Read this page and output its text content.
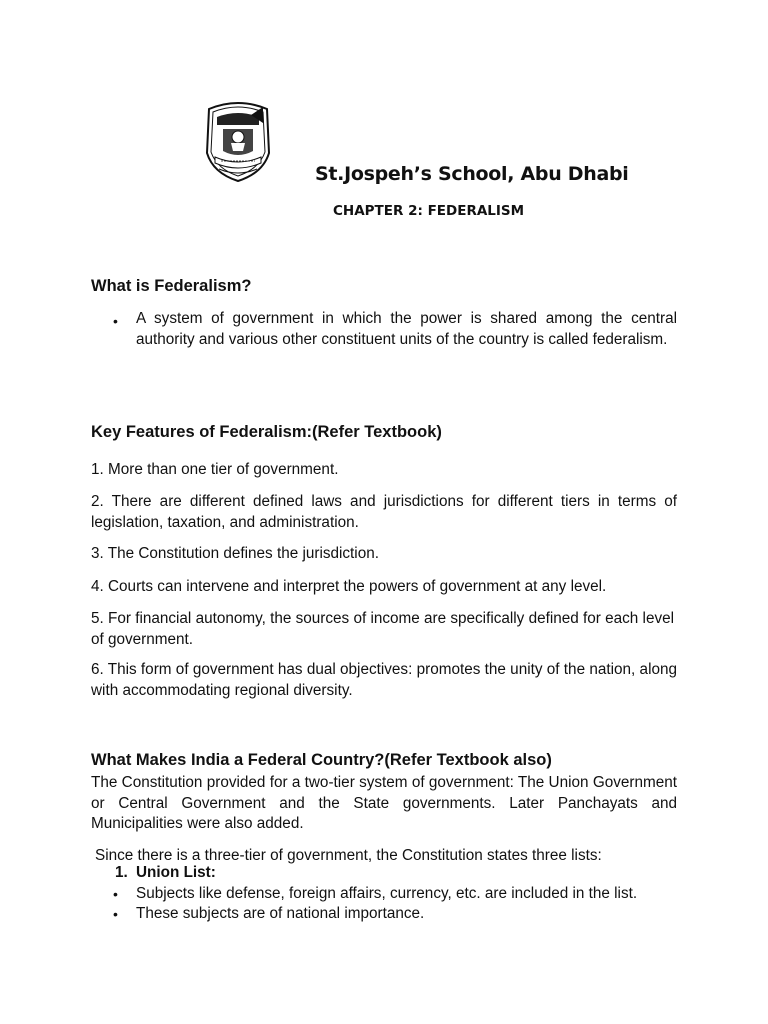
St.Jospeh’s School, Abu Dhabi
CHAPTER 2: FEDERALISM
What is Federalism?
• A system of government in which the power is shared among the central authority and various other constituent units of the country is called federalism.
Key Features of Federalism:(Refer Textbook)
1. More than one tier of government.
2. There are different defined laws and jurisdictions for different tiers in terms of legislation, taxation, and administration.
3. The Constitution defines the jurisdiction.
4. Courts can intervene and interpret the powers of government at any level.
5. For financial autonomy, the sources of income are specifically defined for each level of government.
6. This form of government has dual objectives: promotes the unity of the nation, along with accommodating regional diversity.
What Makes India a Federal Country?(Refer Textbook also)
The Constitution provided for a two-tier system of government: The Union Government or Central Government and the State governments. Later Panchayats and Municipalities were also added.
Since there is a three-tier of government, the Constitution states three lists:
1. Union List:
• Subjects like defense, foreign affairs, currency, etc. are included in the list.
• These subjects are of national importance.
